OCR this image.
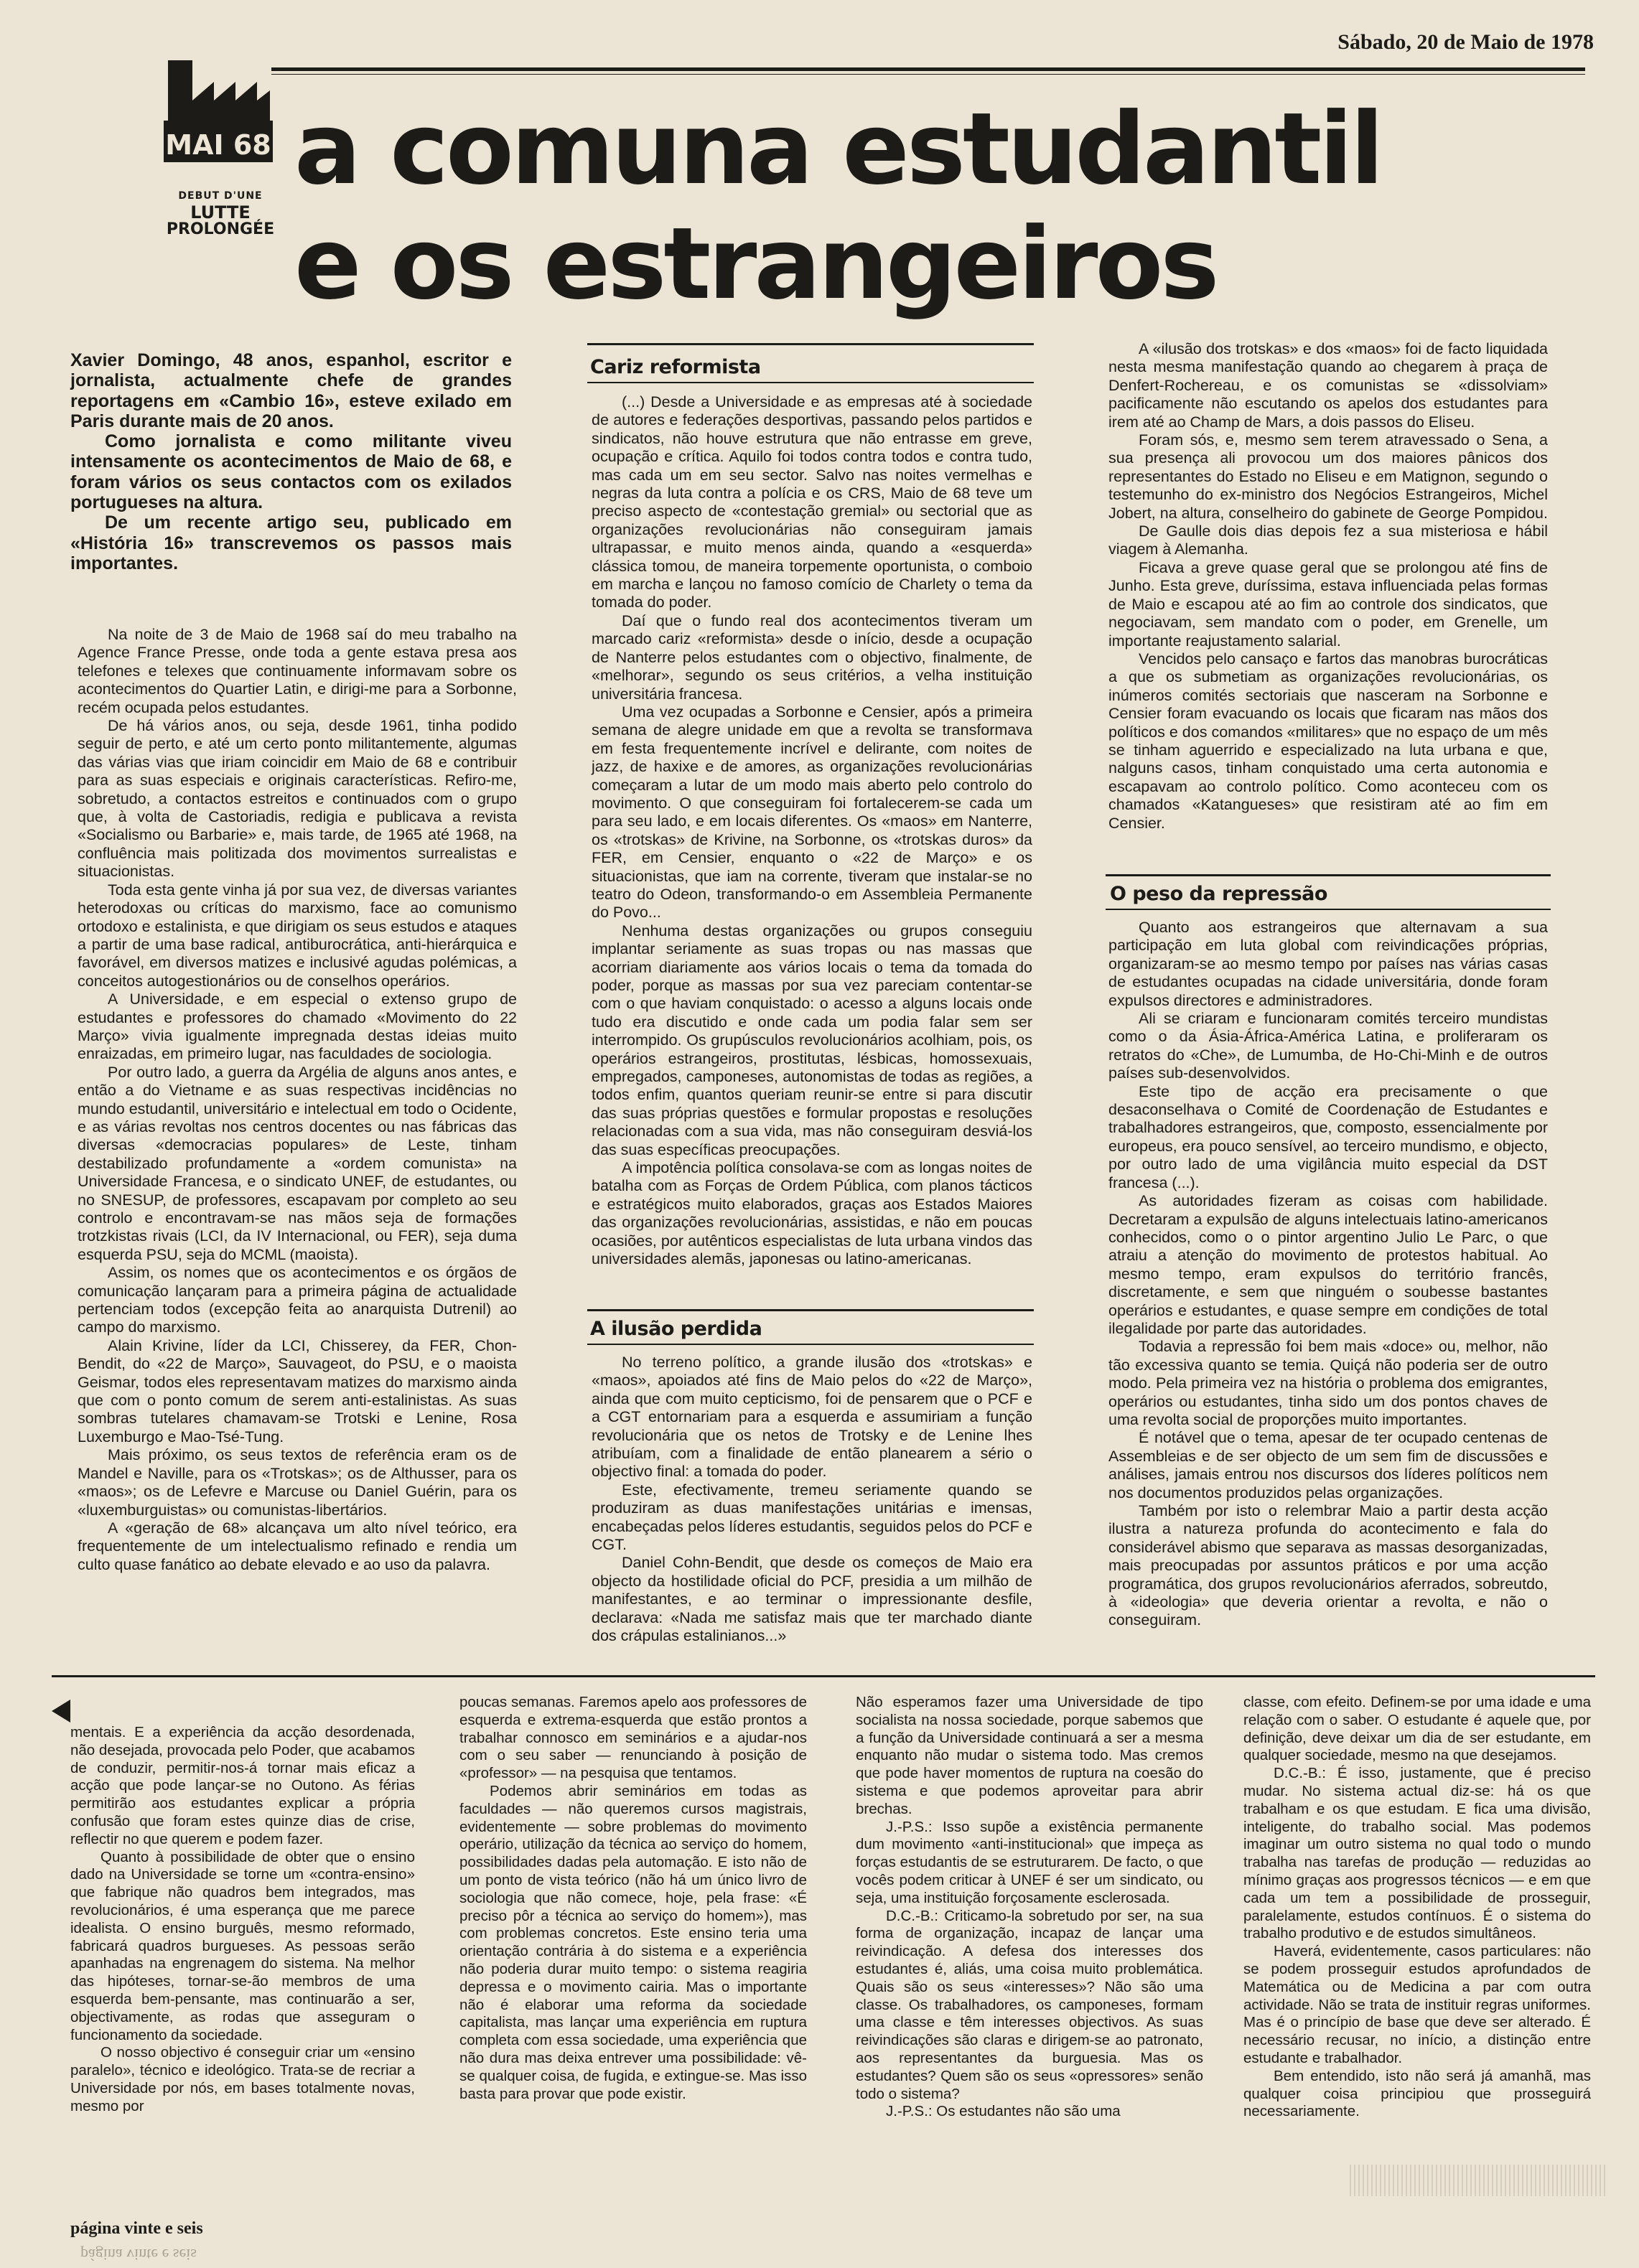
Sábado, 20 de Maio de 1978
MAI 68
DEBUT D'UNE
LUTTE
PROLONGÉE
a comuna estudantil
e os estrangeiros

Xavier Domingo, 48 anos, espanhol, escritor e jornalista, actualmente chefe de grandes reportagens em «Cambio 16», esteve exilado em Paris durante mais de 20 anos.

Como jornalista e como militante viveu intensamente os acontecimentos de Maio de 68, e foram vários os seus contactos com os exilados portugueses na altura.

De um recente artigo seu, publicado em «História 16» transcrevemos os passos mais importantes.

Na noite de 3 de Maio de 1968 saí do meu trabalho na Agence France Presse, onde toda a gente estava presa aos telefones e telexes que continuamente informavam sobre os acontecimentos do Quartier Latin, e dirigi-me para a Sorbonne, recém ocupada pelos estudantes.

De há vários anos, ou seja, desde 1961, tinha podido seguir de perto, e até um certo ponto militantemente, algumas das várias vias que iriam coincidir em Maio de 68 e contribuir para as suas especiais e originais características. Refiro-me, sobretudo, a contactos estreitos e continuados com o grupo que, à volta de Castoriadis, redigia e publicava a revista «Socialismo ou Barbarie» e, mais tarde, de 1965 até 1968, na confluência mais politizada dos movimentos surrealistas e situacionistas.

Toda esta gente vinha já por sua vez, de diversas variantes heterodoxas ou críticas do marxismo, face ao comunismo ortodoxo e estalinista, e que dirigiam os seus estudos e ataques a partir de uma base radical, antiburocrática, anti-hierárquica e favorável, em diversos matizes e inclusivé agudas polémicas, a conceitos autogestionários ou de conselhos operários.

A Universidade, e em especial o extenso grupo de estudantes e professores do chamado «Movimento do 22 Março» vivia igualmente impregnada destas ideias muito enraizadas, em primeiro lugar, nas faculdades de sociologia.

Por outro lado, a guerra da Argélia de alguns anos antes, e então a do Vietname e as suas respectivas incidências no mundo estudantil, universitário e intelectual em todo o Ocidente, e as várias revoltas nos centros docentes ou nas fábricas das diversas «democracias populares» de Leste, tinham destabilizado profundamente a «ordem comunista» na Universidade Francesa, e o sindicato UNEF, de estudantes, ou no SNESUP, de professores, escapavam por completo ao seu controlo e encontravam-se nas mãos seja de formações trotzkistas rivais (LCI, da IV Internacional, ou FER), seja duma esquerda PSU, seja do MCML (maoista).

Assim, os nomes que os acontecimentos e os órgãos de comunicação lançaram para a primeira página de actualidade pertenciam todos (excepção feita ao anarquista Dutrenil) ao campo do marxismo.

Alain Krivine, líder da LCI, Chisserey, da FER, Chon-Bendit, do «22 de Março», Sauvageot, do PSU, e o maoista Geismar, todos eles representavam matizes do marxismo ainda que com o ponto comum de serem anti-estalinistas. As suas sombras tutelares chamavam-se Trotski e Lenine, Rosa Luxemburgo e Mao-Tsé-Tung.

Mais próximo, os seus textos de referência eram os de Mandel e Naville, para os «Trotskas»; os de Althusser, para os «maos»; os de Lefevre e Marcuse ou Daniel Guérin, para os «luxemburguistas» ou comunistas-libertários.

A «geração de 68» alcançava um alto nível teórico, era frequentemente de um intelectualismo refinado e rendia um culto quase fanático ao debate elevado e ao uso da palavra.

Cariz reformista

(...) Desde a Universidade e as empresas até à sociedade de autores e federações desportivas, passando pelos partidos e sindicatos, não houve estrutura que não entrasse em greve, ocupação e crítica. Aquilo foi todos contra todos e contra tudo, mas cada um em seu sector. Salvo nas noites vermelhas e negras da luta contra a polícia e os CRS, Maio de 68 teve um preciso aspecto de «contestação gremial» ou sectorial que as organizações revolucionárias não conseguiram jamais ultrapassar, e muito menos ainda, quando a «esquerda» clássica tomou, de maneira torpemente oportunista, o comboio em marcha e lançou no famoso comício de Charlety o tema da tomada do poder.

Daí que o fundo real dos acontecimentos tiveram um marcado cariz «reformista» desde o início, desde a ocupação de Nanterre pelos estudantes com o objectivo, finalmente, de «melhorar», segundo os seus critérios, a velha instituição universitária francesa.

Uma vez ocupadas a Sorbonne e Censier, após a primeira semana de alegre unidade em que a revolta se transformava em festa frequentemente incrível e delirante, com noites de jazz, de haxixe e de amores, as organizações revolucionárias começaram a lutar de um modo mais aberto pelo controlo do movimento. O que conseguiram foi fortalecerem-se cada um para seu lado, e em locais diferentes. Os «maos» em Nanterre, os «trotskas» de Krivine, na Sorbonne, os «trotskas duros» da FER, em Censier, enquanto o «22 de Março» e os situacionistas, que iam na corrente, tiveram que instalar-se no teatro do Odeon, transformando-o em Assembleia Permanente do Povo...

Nenhuma destas organizações ou grupos conseguiu implantar seriamente as suas tropas ou nas massas que acorriam diariamente aos vários locais o tema da tomada do poder, porque as massas por sua vez pareciam contentar-se com o que haviam conquistado: o acesso a alguns locais onde tudo era discutido e onde cada um podia falar sem ser interrompido. Os grupúsculos revolucionários acolhiam, pois, os operários estrangeiros, prostitutas, lésbicas, homossexuais, empregados, camponeses, autonomistas de todas as regiões, a todos enfim, quantos queriam reunir-se entre si para discutir das suas próprias questões e formular propostas e resoluções relacionadas com a sua vida, mas não conseguiram desviá-los das suas específicas preocupações.

A impotência política consolava-se com as longas noites de batalha com as Forças de Ordem Pública, com planos tácticos e estratégicos muito elaborados, graças aos Estados Maiores das organizações revolucionárias, assistidas, e não em poucas ocasiões, por autênticos especialistas de luta urbana vindos das universidades alemãs, japonesas ou latino-americanas.

A ilusão perdida

No terreno político, a grande ilusão dos «trotskas» e «maos», apoiados até fins de Maio pelos do «22 de Março», ainda que com muito cepticismo, foi de pensarem que o PCF e a CGT entornariam para a esquerda e assumiriam a função revolucionária que os netos de Trotsky e de Lenine lhes atribuíam, com a finalidade de então planearem a sério o objectivo final: a tomada do poder.

Este, efectivamente, tremeu seriamente quando se produziram as duas manifestações unitárias e imensas, encabeçadas pelos líderes estudantis, seguidos pelos do PCF e CGT.

Daniel Cohn-Bendit, que desde os começos de Maio era objecto da hostilidade oficial do PCF, presidia a um milhão de manifestantes, e ao terminar o impressionante desfile, declarava: «Nada me satisfaz mais que ter marchado diante dos crápulas estalinianos...»

A «ilusão dos trotskas» e dos «maos» foi de facto liquidada nesta mesma manifestação quando ao chegarem à praça de Denfert-Rochereau, e os comunistas se «dissolviam» pacificamente não escutando os apelos dos estudantes para irem até ao Champ de Mars, a dois passos do Eliseu.

Foram sós, e, mesmo sem terem atravessado o Sena, a sua presença ali provocou um dos maiores pânicos dos representantes do Estado no Eliseu e em Matignon, segundo o testemunho do ex-ministro dos Negócios Estrangeiros, Michel Jobert, na altura, conselheiro do gabinete de George Pompidou.

De Gaulle dois dias depois fez a sua misteriosa e hábil viagem à Alemanha.

Ficava a greve quase geral que se prolongou até fins de Junho. Esta greve, duríssima, estava influenciada pelas formas de Maio e escapou até ao fim ao controle dos sindicatos, que negociavam, sem mandato com o poder, em Grenelle, um importante reajustamento salarial.

Vencidos pelo cansaço e fartos das manobras burocráticas a que os submetiam as organizações revolucionárias, os inúmeros comités sectoriais que nasceram na Sorbonne e Censier foram evacuando os locais que ficaram nas mãos dos políticos e dos comandos «militares» que no espaço de um mês se tinham aguerrido e especializado na luta urbana e que, nalguns casos, tinham conquistado uma certa autonomia e escapavam ao controlo político. Como aconteceu com os chamados «Katangueses» que resistiram até ao fim em Censier.

O peso da repressão

Quanto aos estrangeiros que alternavam a sua participação em luta global com reivindicações próprias, organizaram-se ao mesmo tempo por países nas várias casas de estudantes ocupadas na cidade universitária, donde foram expulsos directores e administradores.

Ali se criaram e funcionaram comités terceiro mundistas como o da Ásia-África-América Latina, e proliferaram os retratos do «Che», de Lumumba, de Ho-Chi-Minh e de outros países sub-desenvolvidos.

Este tipo de acção era precisamente o que desaconselhava o Comité de Coordenação de Estudantes e trabalhadores estrangeiros, que, composto, essencialmente por europeus, era pouco sensível, ao terceiro mundismo, e objecto, por outro lado de uma vigilância muito especial da DST francesa (...).

As autoridades fizeram as coisas com habilidade. Decretaram a expulsão de alguns intelectuais latino-americanos conhecidos, como o o pintor argentino Julio Le Parc, o que atraiu a atenção do movimento de protestos habitual. Ao mesmo tempo, eram expulsos do território francês, discretamente, e sem que ninguém o soubesse bastantes operários e estudantes, e quase sempre em condições de total ilegalidade por parte das autoridades.

Todavia a repressão foi bem mais «doce» ou, melhor, não tão excessiva quanto se temia. Quiçá não poderia ser de outro modo. Pela primeira vez na história o problema dos emigrantes, operários ou estudantes, tinha sido um dos pontos chaves de uma revolta social de proporções muito importantes.

É notável que o tema, apesar de ter ocupado centenas de Assembleias e de ser objecto de um sem fim de discussões e análises, jamais entrou nos discursos dos líderes políticos nem nos documentos produzidos pelas organizações.

Também por isto o relembrar Maio a partir desta acção ilustra a natureza profunda do acontecimento e fala do considerável abismo que separava as massas desorganizadas, mais preocupadas por assuntos práticos e por uma acção programática, dos grupos revolucionários aferrados, sobreutdo, à «ideologia» que deveria orientar a revolta, e não o conseguiram.

mentais. E a experiência da acção desordenada, não desejada, provocada pelo Poder, que acabamos de conduzir, permitir-nos-á tornar mais eficaz a acção que pode lançar-se no Outono. As férias permitirão aos estudantes explicar a própria confusão que foram estes quinze dias de crise, reflectir no que querem e podem fazer.

Quanto à possibilidade de obter que o ensino dado na Universidade se torne um «contra-ensino» que fabrique não quadros bem integrados, mas revolucionários, é uma esperança que me parece idealista. O ensino burguês, mesmo reformado, fabricará quadros burgueses. As pessoas serão apanhadas na engrenagem do sistema. Na melhor das hipóteses, tornar-se-ão membros de uma esquerda bem-pensante, mas continuarão a ser, objectivamente, as rodas que asseguram o funcionamento da sociedade.

O nosso objectivo é conseguir criar um «ensino paralelo», técnico e ideológico. Trata-se de recriar a Universidade por nós, em bases totalmente novas, mesmo por

poucas semanas. Faremos apelo aos professores de esquerda e extrema-esquerda que estão prontos a trabalhar connosco em seminários e a ajudar-nos com o seu saber — renunciando à posição de «professor» — na pesquisa que tentamos.

Podemos abrir seminários em todas as faculdades — não queremos cursos magistrais, evidentemente — sobre problemas do movimento operário, utilização da técnica ao serviço do homem, possibilidades dadas pela automação. E isto não de um ponto de vista teórico (não há um único livro de sociologia que não comece, hoje, pela frase: «É preciso pôr a técnica ao serviço do homem»), mas com problemas concretos. Este ensino teria uma orientação contrária à do sistema e a experiência não poderia durar muito tempo: o sistema reagiria depressa e o movimento cairia. Mas o importante não é elaborar uma reforma da sociedade capitalista, mas lançar uma experiência em ruptura completa com essa sociedade, uma experiência que não dura mas deixa entrever uma possibilidade: vê-se qualquer coisa, de fugida, e extingue-se. Mas isso basta para provar que pode existir.

Não esperamos fazer uma Universidade de tipo socialista na nossa sociedade, porque sabemos que a função da Universidade continuará a ser a mesma enquanto não mudar o sistema todo. Mas cremos que pode haver momentos de ruptura na coesão do sistema e que podemos aproveitar para abrir brechas.

J.-P.S.: Isso supõe a existência permanente dum movimento «anti-institucional» que impeça as forças estudantis de se estruturarem. De facto, o que vocês podem criticar à UNEF é ser um sindicato, ou seja, uma instituição forçosamente esclerosada.

D.C.-B.: Criticamo-la sobretudo por ser, na sua forma de organização, incapaz de lançar uma reivindicação. A defesa dos interesses dos estudantes é, aliás, uma coisa muito problemática. Quais são os seus «interesses»? Não são uma classe. Os trabalhadores, os camponeses, formam uma classe e têm interesses objectivos. As suas reivindicações são claras e dirigem-se ao patronato, aos representantes da burguesia. Mas os estudantes? Quem são os seus «opressores» senão todo o sistema?

J.-P.S.: Os estudantes não são uma

classe, com efeito. Definem-se por uma idade e uma relação com o saber. O estudante é aquele que, por definição, deve deixar um dia de ser estudante, em qualquer sociedade, mesmo na que desejamos.

D.C.-B.: É isso, justamente, que é preciso mudar. No sistema actual diz-se: há os que trabalham e os que estudam. E fica uma divisão, inteligente, do trabalho social. Mas podemos imaginar um outro sistema no qual todo o mundo trabalha nas tarefas de produção — reduzidas ao mínimo graças aos progressos técnicos — e em que cada um tem a possibilidade de prosseguir, paralelamente, estudos contínuos. É o sistema do trabalho produtivo e de estudos simultâneos.

Haverá, evidentemente, casos particulares: não se podem prosseguir estudos aprofundados de Matemática ou de Medicina a par com outra actividade. Não se trata de instituir regras uniformes. Mas é o princípio de base que deve ser alterado. É necessário recusar, no início, a distinção entre estudante e trabalhador.

Bem entendido, isto não será já amanhã, mas qualquer coisa principiou que prosseguirá necessariamente.

página vinte e seis
página vinte e seis
